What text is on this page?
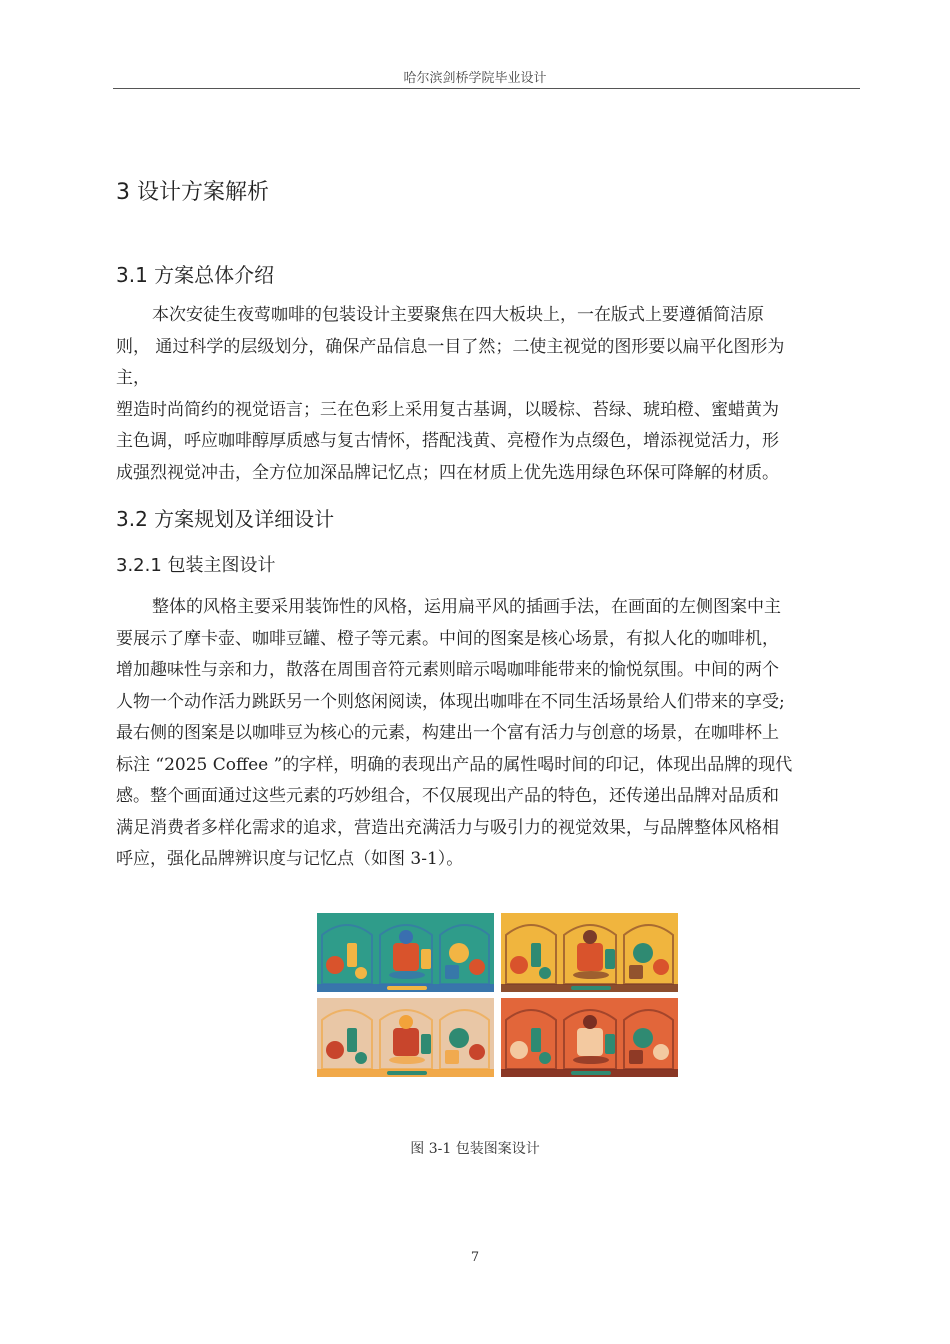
哈尔滨剑桥学院毕业设计
3 设计方案解析
3.1 方案总体介绍
本次安徒生夜莺咖啡的包装设计主要聚焦在四大板块上，一在版式上要遵循简洁原
则， 通过科学的层级划分，确保产品信息一目了然；二使主视觉的图形要以扁平化图形为
主，
塑造时尚简约的视觉语言；三在色彩上采用复古基调，以暖棕、苔绿、琥珀橙、蜜蜡黄为
主色调，呼应咖啡醇厚质感与复古情怀，搭配浅黄、亮橙作为点缀色，增添视觉活力，形
成强烈视觉冲击，全方位加深品牌记忆点；四在材质上优先选用绿色环保可降解的材质。
3.2 方案规划及详细设计
3.2.1 包装主图设计
整体的风格主要采用装饰性的风格，运用扁平风的插画手法，在画面的左侧图案中主
要展示了摩卡壶、咖啡豆罐、橙子等元素。中间的图案是核心场景，有拟人化的咖啡机，
增加趣味性与亲和力，散落在周围音符元素则暗示喝咖啡能带来的愉悦氛围。中间的两个
人物一个动作活力跳跃另一个则悠闲阅读，体现出咖啡在不同生活场景给人们带来的享受;
最右侧的图案是以咖啡豆为核心的元素，构建出一个富有活力与创意的场景，在咖啡杯上
标注 “2025 Coffee ”的字样，明确的表现出产品的属性喝时间的印记，体现出品牌的现代
感。整个画面通过这些元素的巧妙组合，不仅展现出产品的特色，还传递出品牌对品质和
满足消费者多样化需求的追求，营造出充满活力与吸引力的视觉效果，与品牌整体风格相
呼应，强化品牌辨识度与记忆点（如图 3-1）。
图 3-1 包装图案设计
7
